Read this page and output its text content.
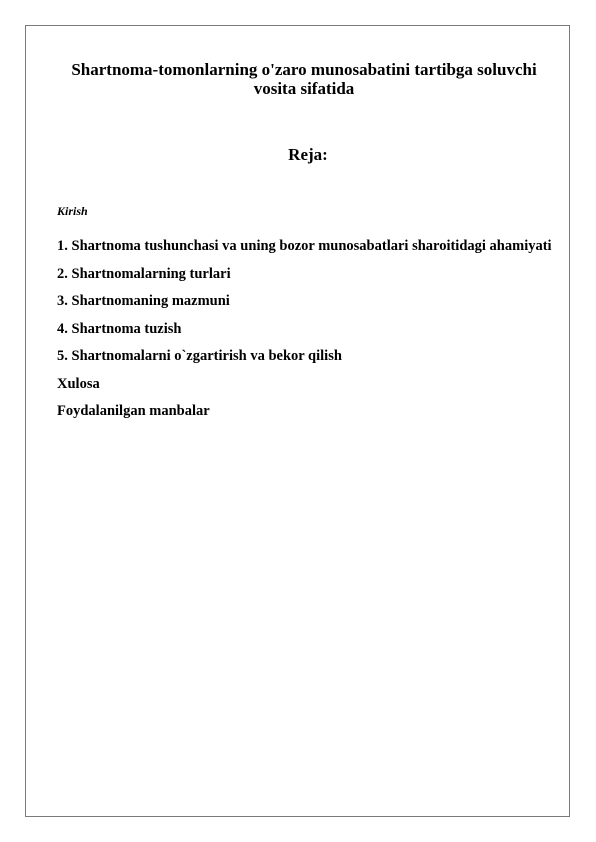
Shartnoma-tomonlarning o'zaro munosabatini tartibga soluvchi vosita sifatida
Reja:
Kirish
1. Shartnoma tushunchasi va uning bozor munosabatlari sharoitidagi ahamiyati
2. Shartnomalarning turlari
3. Shartnomaning mazmuni
4. Shartnoma tuzish
5. Shartnomalarni o`zgartirish va bekor qilish
Xulosa
Foydalanilgan manbalar
